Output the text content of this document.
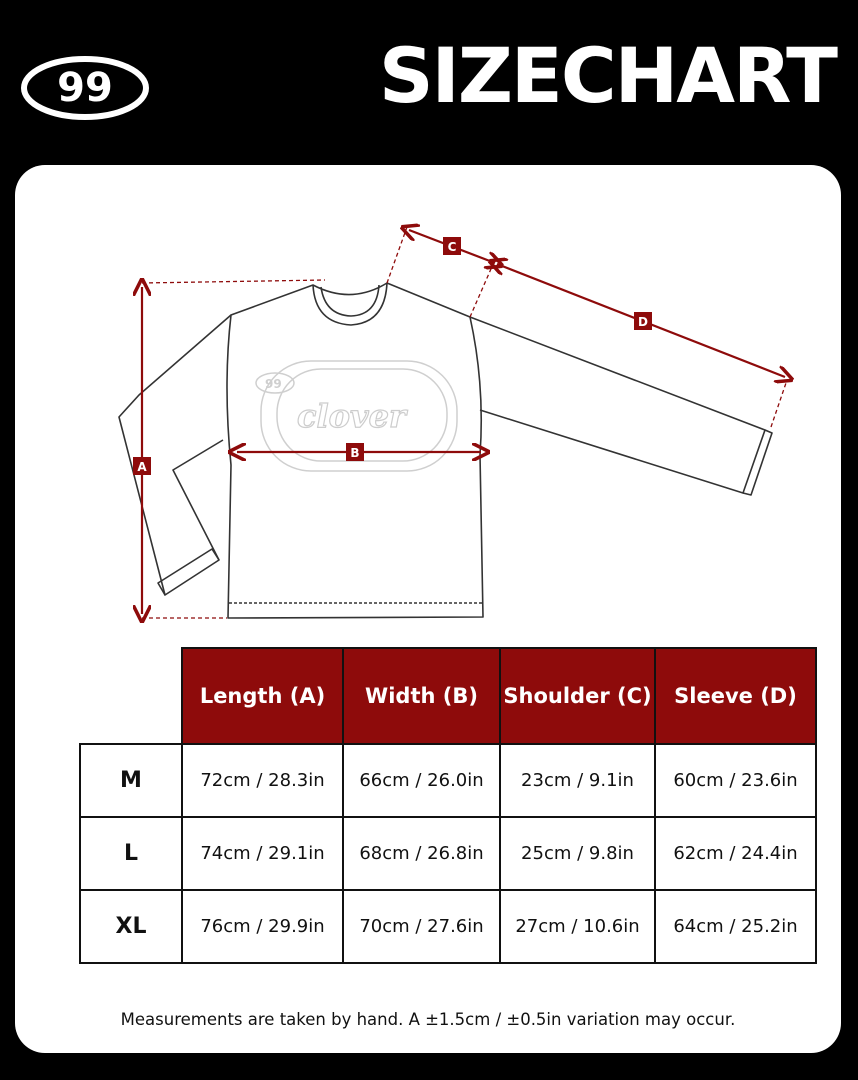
99	SIZECHART
99
clover
A
B
C
D
	Length (A)	Width (B)	Shoulder (C)	Sleeve (D)
M	72cm / 28.3in	66cm / 26.0in	23cm / 9.1in	60cm / 23.6in
L	74cm / 29.1in	68cm / 26.8in	25cm / 9.8in	62cm / 24.4in
XL	76cm / 29.9in	70cm / 27.6in	27cm / 10.6in	64cm / 25.2in
Measurements are taken by hand. A ±1.5cm / ±0.5in variation may occur.
